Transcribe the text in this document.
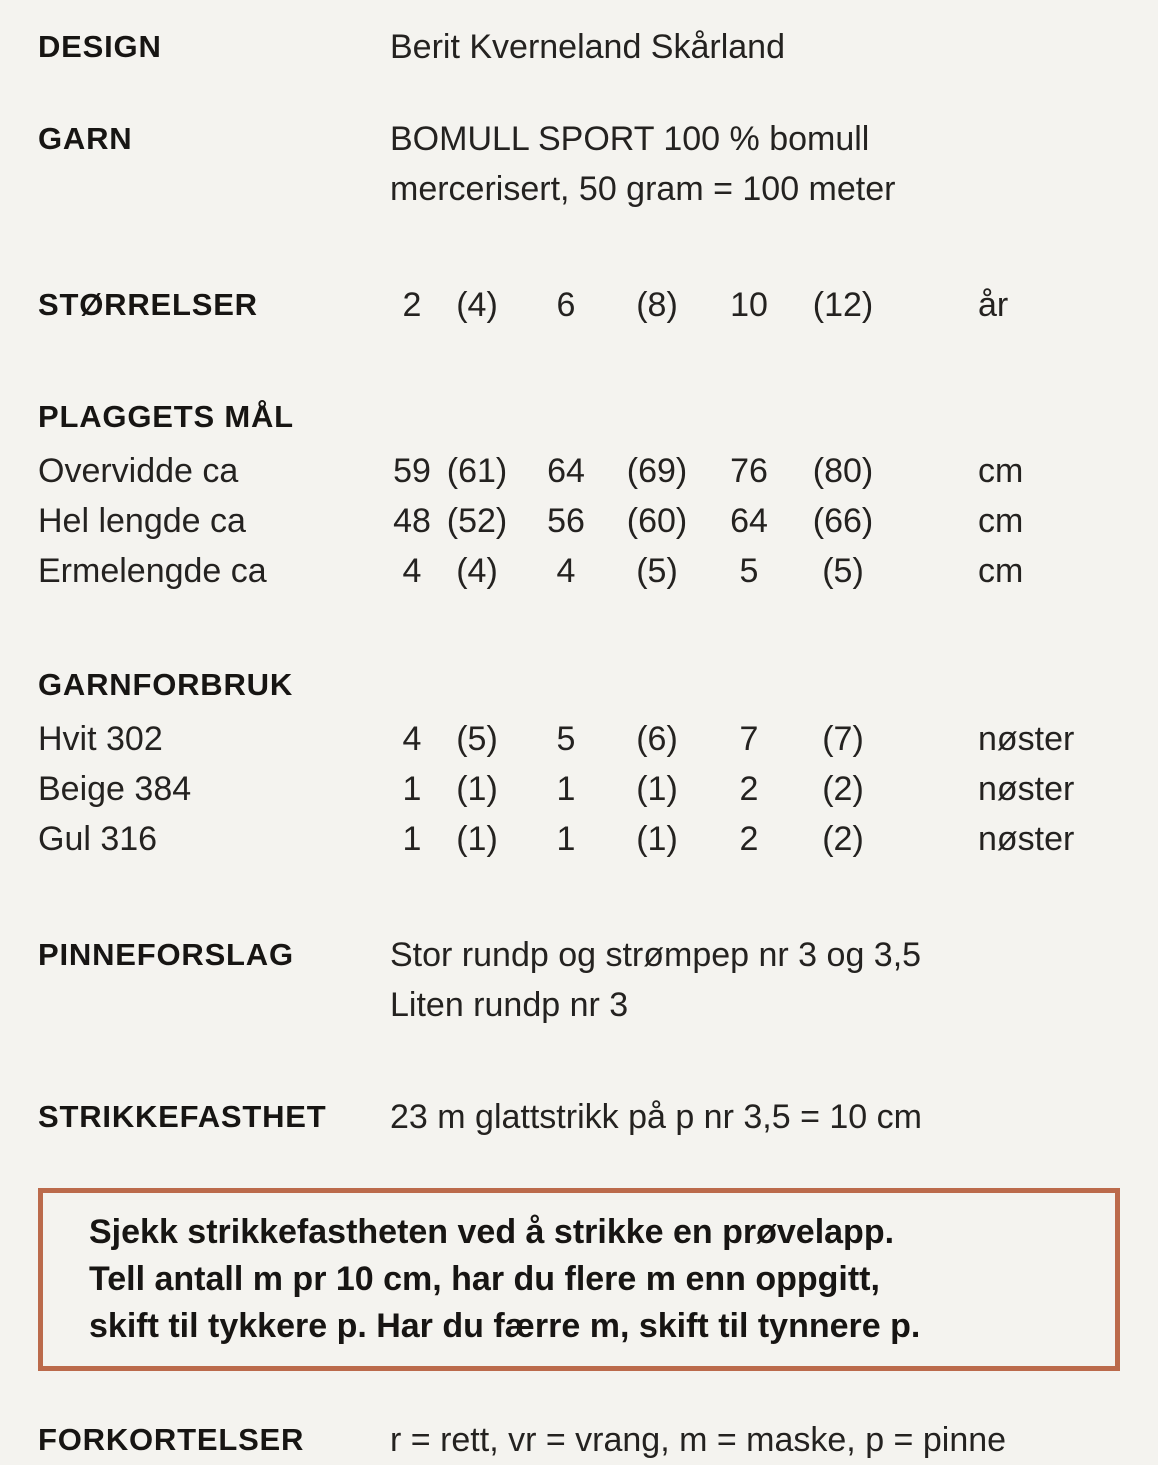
DESIGN	Berit Kverneland Skårland
GARN	BOMULL SPORT 100 % bomull
mercerisert, 50 gram = 100 meter
STØRRELSER	2	(4)	6	(8)	10	(12)	år
PLAGGETS MÅL
Overvidde ca	59 (61)	64	(69)	76	(80)	cm
Hel lengde ca	48 (52)	56	(60)	64	(66)	cm
Ermelengde ca	4	(4)	4	(5)	5	(5)	cm
GARNFORBRUK
Hvit 302	4	(5)	5	(6)	7	(7)	nøster
Beige 384	1	(1)	1	(1)	2	(2)	nøster
Gul 316	1	(1)	1	(1)	2	(2)	nøster
PINNEFORSLAG	Stor rundp og strømpep nr 3 og 3,5
Liten rundp nr 3
STRIKKEFASTHET	23 m glattstrikk på p nr 3,5 = 10 cm
Sjekk strikkefastheten ved å strikke en prøvelapp.
Tell antall m pr 10 cm, har du flere m enn oppgitt,
skift til tykkere p. Har du færre m, skift til tynnere p.
FORKORTELSER	r = rett, vr = vrang, m = maske, p = pinne
